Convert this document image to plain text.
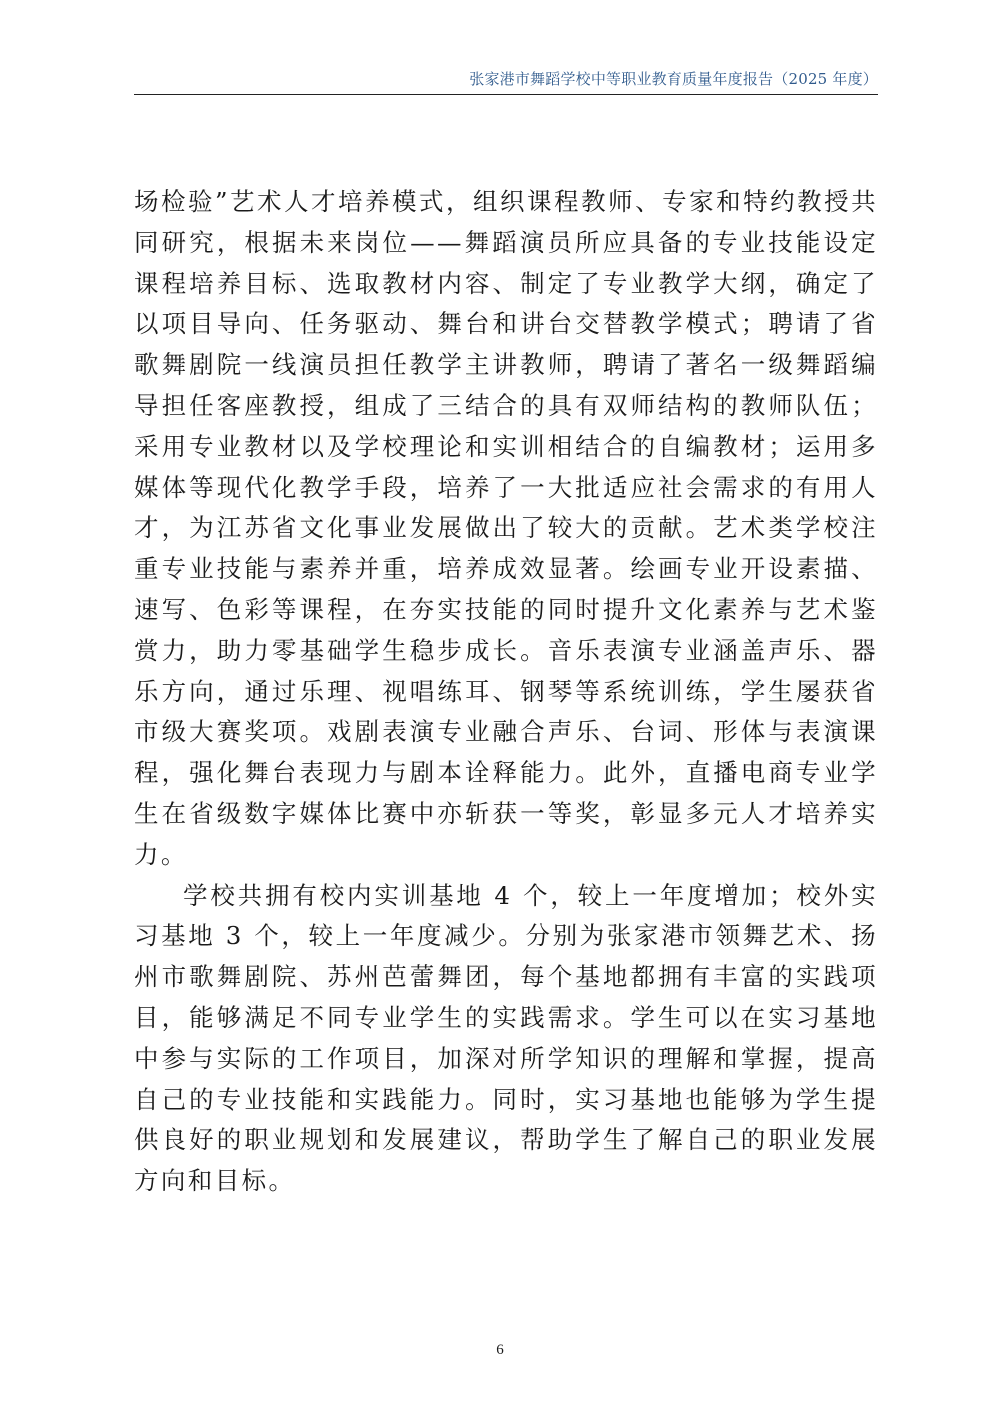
张家港市舞蹈学校中等职业教育质量年度报告（2025 年度）

场检验”艺术人才培养模式，组织课程教师、专家和特约教授共同研究，根据未来岗位——舞蹈演员所应具备的专业技能设定课程培养目标、选取教材内容、制定了专业教学大纲，确定了以项目导向、任务驱动、舞台和讲台交替教学模式；聘请了省歌舞剧院一线演员担任教学主讲教师，聘请了著名一级舞蹈编导担任客座教授，组成了三结合的具有双师结构的教师队伍；采用专业教材以及学校理论和实训相结合的自编教材；运用多媒体等现代化教学手段，培养了一大批适应社会需求的有用人才，为江苏省文化事业发展做出了较大的贡献。艺术类学校注重专业技能与素养并重，培养成效显著。绘画专业开设素描、速写、色彩等课程，在夯实技能的同时提升文化素养与艺术鉴赏力，助力零基础学生稳步成长。音乐表演专业涵盖声乐、器乐方向，通过乐理、视唱练耳、钢琴等系统训练，学生屡获省市级大赛奖项。戏剧表演专业融合声乐、台词、形体与表演课程，强化舞台表现力与剧本诠释能力。此外，直播电商专业学生在省级数字媒体比赛中亦斩获一等奖，彰显多元人才培养实力。

学校共拥有校内实训基地 4 个，较上一年度增加；校外实习基地 3 个，较上一年度减少。分别为张家港市领舞艺术、扬州市歌舞剧院、苏州芭蕾舞团，每个基地都拥有丰富的实践项目，能够满足不同专业学生的实践需求。学生可以在实习基地中参与实际的工作项目，加深对所学知识的理解和掌握，提高自己的专业技能和实践能力。同时，实习基地也能够为学生提供良好的职业规划和发展建议，帮助学生了解自己的职业发展方向和目标。

6
